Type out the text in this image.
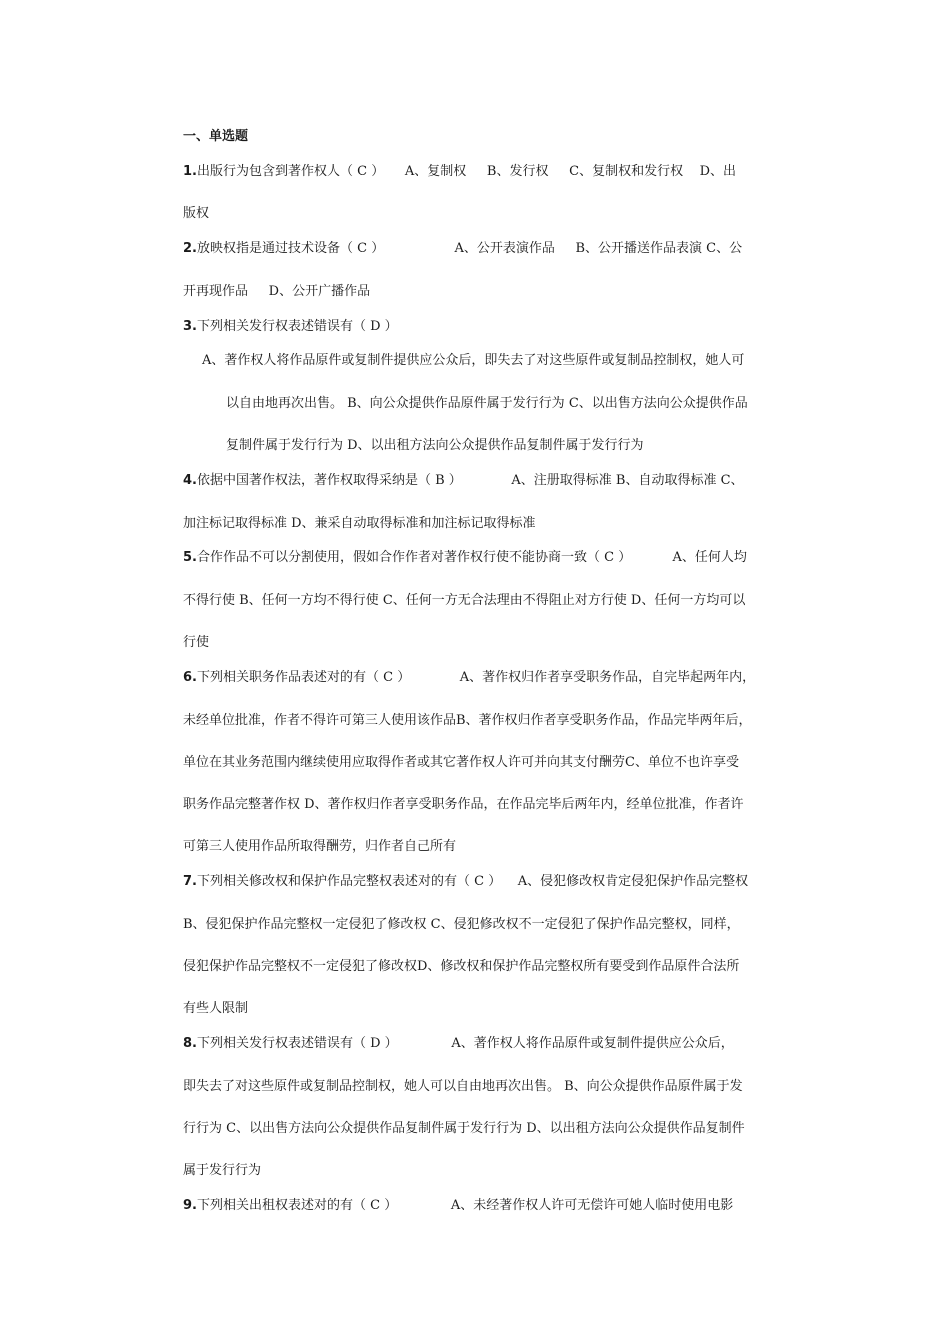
一、单选题
1.出版行为包含到著作权人（ C ）     A、复制权     B、发行权     C、复制权和发行权    D、出
版权
2.放映权指是通过技术设备（ C ）                 A、公开表演作品     B、公开播送作品表演 C、公
开再现作品     D、公开广播作品
3.下列相关发行权表述错误有（ D ）
A、著作权人将作品原件或复制件提供应公众后，即失去了对这些原件或复制品控制权，她人可
以自由地再次出售。 B、向公众提供作品原件属于发行行为 C、以出售方法向公众提供作品
复制件属于发行行为 D、以出租方法向公众提供作品复制件属于发行行为
4.依据中国著作权法，著作权取得采纳是（ B ）            A、注册取得标准 B、自动取得标准 C、
加注标记取得标准 D、兼采自动取得标准和加注标记取得标准
5.合作作品不可以分割使用，假如合作作者对著作权行使不能协商一致（ C ）          A、任何人均
不得行使 B、任何一方均不得行使 C、任何一方无合法理由不得阻止对方行使 D、任何一方均可以
行使
6.下列相关职务作品表述对的有（ C ）            A、著作权归作者享受职务作品，自完毕起两年内，
未经单位批准，作者不得许可第三人使用该作品B、著作权归作者享受职务作品，作品完毕两年后，
单位在其业务范围内继续使用应取得作者或其它著作权人许可并向其支付酬劳C、单位不也许享受
职务作品完整著作权 D、著作权归作者享受职务作品，在作品完毕后两年内，经单位批准，作者许
可第三人使用作品所取得酬劳，归作者自己所有
7.下列相关修改权和保护作品完整权表述对的有（ C ）    A、侵犯修改权肯定侵犯保护作品完整权
B、侵犯保护作品完整权一定侵犯了修改权 C、侵犯修改权不一定侵犯了保护作品完整权，同样，
侵犯保护作品完整权不一定侵犯了修改权D、修改权和保护作品完整权所有要受到作品原件合法所
有些人限制
8.下列相关发行权表述错误有（ D ）             A、著作权人将作品原件或复制件提供应公众后，
即失去了对这些原件或复制品控制权，她人可以自由地再次出售。 B、向公众提供作品原件属于发
行行为 C、以出售方法向公众提供作品复制件属于发行行为 D、以出租方法向公众提供作品复制件
属于发行行为
9.下列相关出租权表述对的有（ C ）             A、未经著作权人许可无偿许可她人临时使用电影
